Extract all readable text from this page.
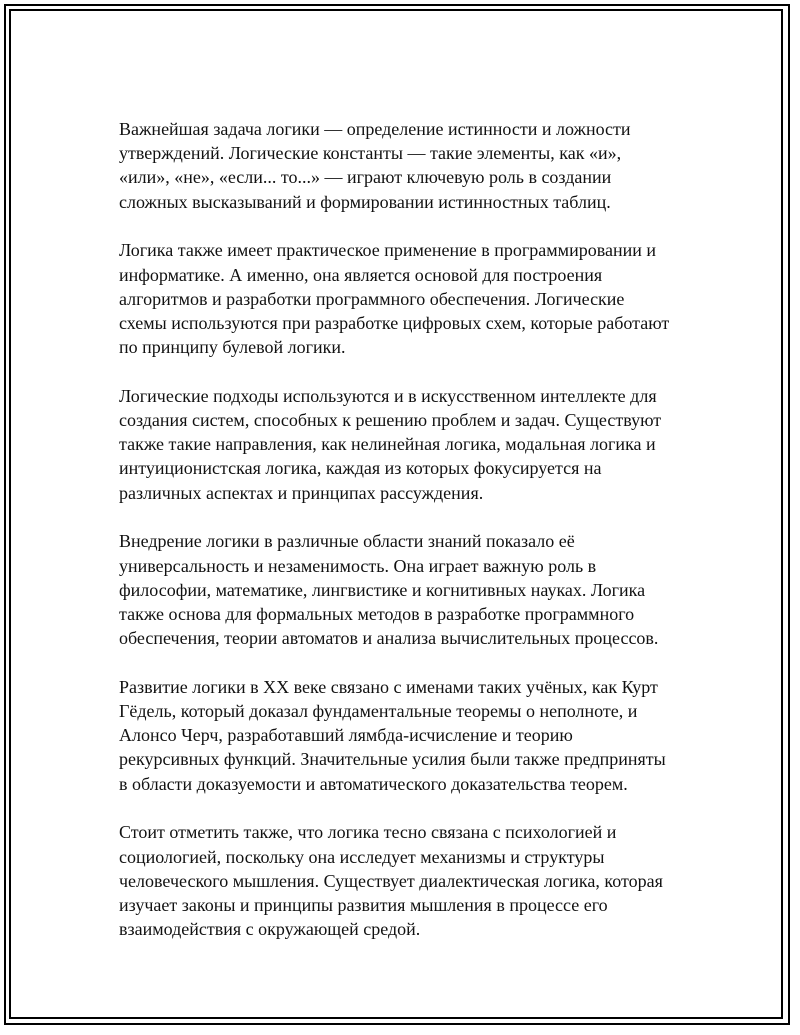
Важнейшая задача логики — определение истинности и ложности
утверждений. Логические константы — такие элементы, как «и»,
«или», «не», «если... то...» — играют ключевую роль в создании
сложных высказываний и формировании истинностных таблиц.

Логика также имеет практическое применение в программировании и
информатике. А именно, она является основой для построения
алгоритмов и разработки программного обеспечения. Логические
схемы используются при разработке цифровых схем, которые работают
по принципу булевой логики.

Логические подходы используются и в искусственном интеллекте для
создания систем, способных к решению проблем и задач. Существуют
также такие направления, как нелинейная логика, модальная логика и
интуиционистская логика, каждая из которых фокусируется на
различных аспектах и принципах рассуждения.

Внедрение логики в различные области знаний показало её
универсальность и незаменимость. Она играет важную роль в
философии, математике, лингвистике и когнитивных науках. Логика
также основа для формальных методов в разработке программного
обеспечения, теории автоматов и анализа вычислительных процессов.

Развитие логики в XX веке связано с именами таких учёных, как Курт
Гёдель, который доказал фундаментальные теоремы о неполноте, и
Алонсо Черч, разработавший лямбда-исчисление и теорию
рекурсивных функций. Значительные усилия были также предприняты
в области доказуемости и автоматического доказательства теорем.

Стоит отметить также, что логика тесно связана с психологией и
социологией, поскольку она исследует механизмы и структуры
человеческого мышления. Существует диалектическая логика, которая
изучает законы и принципы развития мышления в процессе его
взаимодействия с окружающей средой.
